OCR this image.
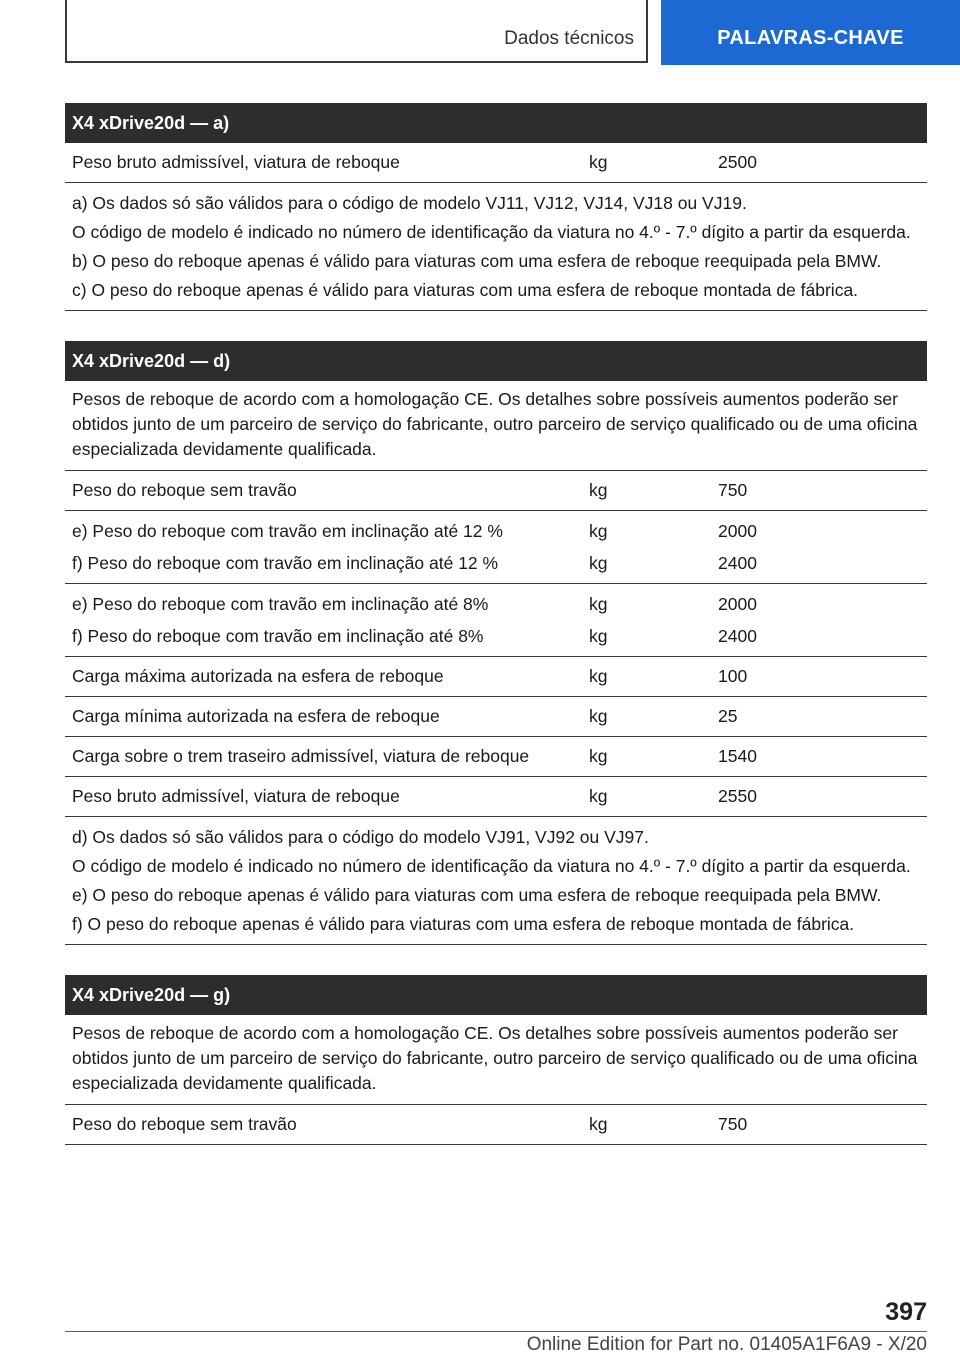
Dados técnicos	PALAVRAS-CHAVE
X4 xDrive20d — a)
Peso bruto admissível, viatura de reboque	kg	2500

a) Os dados só são válidos para o código de modelo VJ11, VJ12, VJ14, VJ18 ou VJ19.

O código de modelo é indicado no número de identificação da viatura no 4.º - 7.º dígito a partir da esquerda.

b) O peso do reboque apenas é válido para viaturas com uma esfera de reboque reequipada pela BMW.

c) O peso do reboque apenas é válido para viaturas com uma esfera de reboque montada de fábrica.

X4 xDrive20d — d)
Pesos de reboque de acordo com a homologação CE. Os detalhes sobre possíveis aumentos poderão ser obtidos junto de um parceiro de serviço do fabricante, outro parceiro de serviço qualificado ou de uma oficina especializada devidamente qualificada.
Peso do reboque sem travão	kg	750
e) Peso do reboque com travão em inclinação até 12 %	kg	2000
f) Peso do reboque com travão em inclinação até 12 %	kg	2400
e) Peso do reboque com travão em inclinação até 8%	kg	2000
f) Peso do reboque com travão em inclinação até 8%	kg	2400
Carga máxima autorizada na esfera de reboque	kg	100
Carga mínima autorizada na esfera de reboque	kg	25
Carga sobre o trem traseiro admissível, viatura de reboque	kg	1540
Peso bruto admissível, viatura de reboque	kg	2550

d) Os dados só são válidos para o código do modelo VJ91, VJ92 ou VJ97.

O código de modelo é indicado no número de identificação da viatura no 4.º - 7.º dígito a partir da esquerda.

e) O peso do reboque apenas é válido para viaturas com uma esfera de reboque reequipada pela BMW.

f) O peso do reboque apenas é válido para viaturas com uma esfera de reboque montada de fábrica.

X4 xDrive20d — g)
Pesos de reboque de acordo com a homologação CE. Os detalhes sobre possíveis aumentos poderão ser obtidos junto de um parceiro de serviço do fabricante, outro parceiro de serviço qualificado ou de uma oficina especializada devidamente qualificada.
Peso do reboque sem travão	kg	750
397
Online Edition for Part no. 01405A1F6A9 - X/20
